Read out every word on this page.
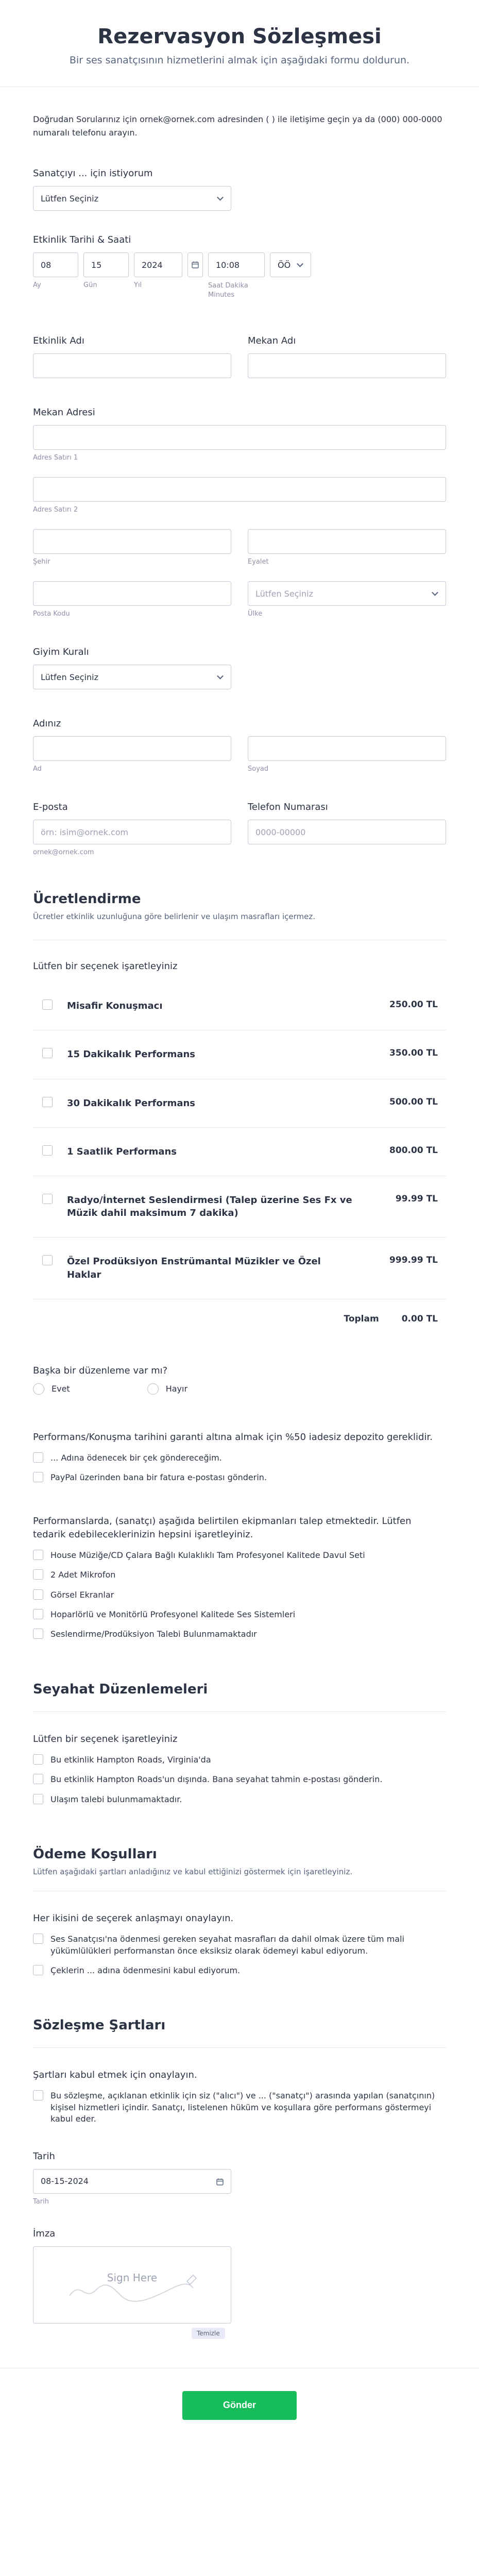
Rezervasyon Sözleşmesi

Bir ses sanatçısının hizmetlerini almak için aşağıdaki formu doldurun.

Doğrudan Sorularınız için ornek@ornek.com adresinden ( ) ile iletişime geçin ya da (000) 000-0000 numaralı telefonu arayın.
Sanatçıyı ... için istiyorum
Lütfen Seçiniz
Etkinlik Tarihi & Saati
08
Ay
15
Gün
2024
Yıl
10:08
Saat Dakika Minutes
ÖÖ
Etkinlik Adı	Mekan Adı
Mekan Adresi
Adres Satırı 1
Adres Satırı 2
Şehir	Eyalet
Posta Kodu
Lütfen Seçiniz
Ülke
Giyim Kuralı
Lütfen Seçiniz
Adınız
Ad	Soyad
E-posta
örn: isim@ornek.com
ornek@ornek.com
Telefon Numarası
0000-00000
Ücretlendirme
Ücretler etkinlik uzunluğuna göre belirlenir ve ulaşım masrafları içermez.
Lütfen bir seçenek işaretleyiniz
Misafir Konuşmacı	250.00 TL
15 Dakikalık Performans	350.00 TL
30 Dakikalık Performans	500.00 TL
1 Saatlik Performans	800.00 TL
Radyo/İnternet Seslendirmesi (Talep üzerine Ses Fx ve Müzik dahil maksimum 7 dakika)
99.99 TL
Özel Prodüksiyon Enstrümantal Müzikler ve Özel Haklar
999.99 TL
Toplam	0.00 TL
Başka bir düzenleme var mı?
Evet	Hayır
Performans/Konuşma tarihini garanti altına almak için %50 iadesiz depozito gereklidir.
... Adına ödenecek bir çek göndereceğim.
PayPal üzerinden bana bir fatura e-postası gönderin.
Performanslarda, (sanatçı) aşağıda belirtilen ekipmanları talep etmektedir. Lütfen tedarik edebileceklerinizin hepsini işaretleyiniz.
House Müziğe/CD Çalara Bağlı Kulaklıklı Tam Profesyonel Kalitede Davul Seti
2 Adet Mikrofon
Görsel Ekranlar
Hoparlörlü ve Monitörlü Profesyonel Kalitede Ses Sistemleri
Seslendirme/Prodüksiyon Talebi Bulunmamaktadır
Seyahat Düzenlemeleri
Lütfen bir seçenek işaretleyiniz
Bu etkinlik Hampton Roads, Virginia'da
Bu etkinlik Hampton Roads'un dışında. Bana seyahat tahmin e-postası gönderin.
Ulaşım talebi bulunmamaktadır.
Ödeme Koşulları
Lütfen aşağıdaki şartları anladığınız ve kabul ettiğinizi göstermek için işaretleyiniz.
Her ikisini de seçerek anlaşmayı onaylayın.
Ses Sanatçısı'na ödenmesi gereken seyahat masrafları da dahil olmak üzere tüm mali yükümlülükleri performanstan önce eksiksiz olarak ödemeyi kabul ediyorum.
Çeklerin ... adına ödenmesini kabul ediyorum.
Sözleşme Şartları
Şartları kabul etmek için onaylayın.
Bu sözleşme, açıklanan etkinlik için siz ("alıcı") ve ... ("sanatçı") arasında yapılan (sanatçının) kişisel hizmetleri içindir. Sanatçı, listelenen hüküm ve koşullara göre performans göstermeyi kabul eder.
Tarih
08-15-2024
Tarih
İmza
Sign Here
Temizle
Gönder
